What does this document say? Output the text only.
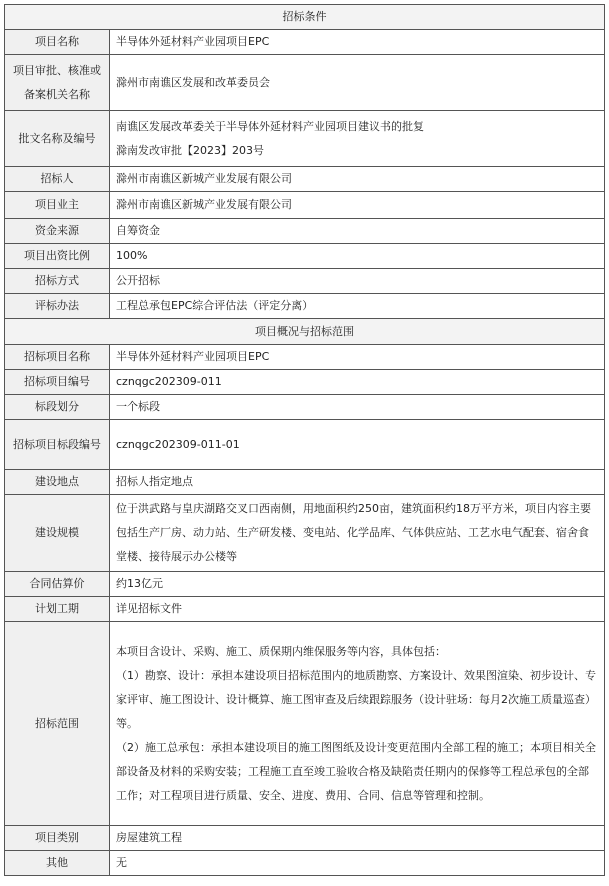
招标条件	
项目名称	半导体外延材料产业园项目EPC
项目审批、核准或备案机关名称	滁州市南谯区发展和改革委员会
批文名称及编号	南谯区发展改革委关于半导体外延材料产业园项目建议书的批复
滁南发改审批【2023】203号

招标人	滁州市南谯区新城产业发展有限公司
项目业主	滁州市南谯区新城产业发展有限公司
资金来源	自筹资金
项目出资比例	100%
招标方式	公开招标
评标办法	工程总承包EPC综合评估法（评定分离）
项目概况与招标范围	
招标项目名称	半导体外延材料产业园项目EPC
招标项目编号	cznqgc202309-011
标段划分	一个标段
招标项目标段编号	cznqgc202309-011-01
建设地点	招标人指定地点
建设规模	位于洪武路与皇庆湖路交叉口西南侧，用地面积约250亩，建筑面积约18万平方米，项目内容主要包括生产厂房、动力站、生产研发楼、变电站、化学品库、气体供应站、工艺水电气配套、宿舍食堂楼、接待展示办公楼等
合同估算价	约13亿元
计划工期	详见招标文件
招标范围	本项目含设计、采购、施工、质保期内维保服务等内容，具体包括：
（1）勘察、设计：承担本建设项目招标范围内的地质勘察、方案设计、效果图渲染、初步设计、专家评审、施工图设计、设计概算、施工图审查及后续跟踪服务（设计驻场：每月2次施工质量巡查）等。
（2）施工总承包：承担本建设项目的施工图图纸及设计变更范围内全部工程的施工；本项目相关全部设备及材料的采购安装；工程施工直至竣工验收合格及缺陷责任期内的保修等工程总承包的全部工作；对工程项目进行质量、安全、进度、费用、合同、信息等管理和控制。

项目类别	房屋建筑工程
其他	无
